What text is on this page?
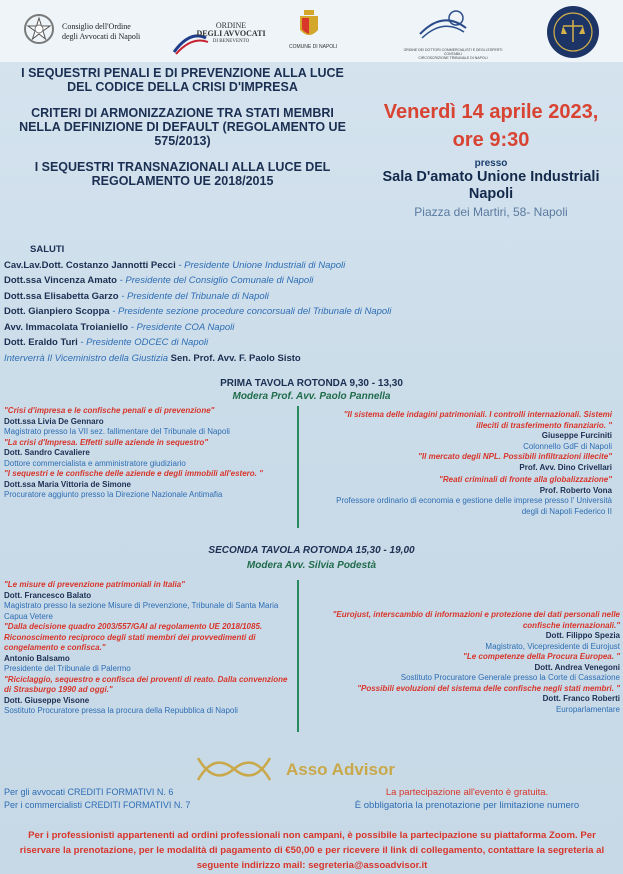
Consiglio dell'Ordine
degli Avvocati di Napoli
ORDINE
DEGLI AVVOCATI
DI BENEVENTO
COMUNE DI NAPOLI	ORDINE DEI DOTTORI COMMERCIALISTI E DEGLI ESPERTI CONTABILI
CIRCOSCRIZIONE TRIBUNALE DI NAPOLI

I SEQUESTRI PENALI E DI PREVENZIONE ALLA LUCE DEL CODICE DELLA CRISI D'IMPRESA

CRITERI DI ARMONIZZAZIONE TRA STATI MEMBRI NELLA DEFINIZIONE DI DEFAULT (REGOLAMENTO UE 575/2013)

I SEQUESTRI TRANSNAZIONALI ALLA LUCE DEL REGOLAMENTO UE 2018/2015

Venerdì 14 aprile 2023,
ore 9:30
presso
Sala D'amato Unione Industriali
Napoli
Piazza dei Martiri, 58- Napoli
SALUTI
Cav.Lav.Dott. Costanzo Jannotti Pecci - Presidente Unione Industriali di Napoli
Dott.ssa Vincenza Amato - Presidente del Consiglio Comunale di Napoli
Dott.ssa Elisabetta Garzo - Presidente del Tribunale di Napoli
Dott. Gianpiero Scoppa - Presidente sezione procedure concorsuali del Tribunale di Napoli
Avv. Immacolata Troianiello - Presidente COA Napoli
Dott. Eraldo Turi - Presidente ODCEC di Napoli
Interverrà Il Viceministro della Giustizia Sen. Prof. Avv. F. Paolo Sisto
PRIMA TAVOLA ROTONDA 9,30 - 13,30
Modera Prof. Avv. Paolo Pannella
"Crisi d'impresa e le confische penali e di prevenzione"
Dott.ssa Livia De Gennaro
Magistrato presso la VII sez. fallimentare del Tribunale di Napoli
"La crisi d'Impresa. Effetti sulle aziende in sequestro"
Dott. Sandro Cavaliere
Dottore commercialista e amministratore giudiziario
"I sequestri e le confische delle aziende e degli immobili all'estero. "
Dott.ssa Maria Vittoria de Simone
Procuratore aggiunto presso la Direzione Nazionale Antimafia
"Il sistema delle indagini patrimoniali. I controlli internazionali. Sistemi illeciti di trasferimento finanziario. "
Giuseppe Furciniti
Colonnello GdF di Napoli
"Il mercato degli NPL. Possibili infiltrazioni illecite"
Prof. Avv. Dino Crivellari
"Reati criminali di fronte alla globalizzazione"
Prof. Roberto Vona
Professore ordinario di economia e gestione delle imprese presso l' Università degli di Napoli Federico II
SECONDA TAVOLA ROTONDA 15,30 - 19,00
Modera Avv. Silvia Podestà
"Le misure di prevenzione patrimoniali in Italia"
Dott. Francesco Balato
Magistrato presso la sezione Misure di Prevenzione, Tribunale di Santa Maria Capua Vetere
"Dalla decisione quadro 2003/557/GAI al regolamento UE 2018/1085. Riconoscimento reciproco degli stati membri dei provvedimenti di congelamento e confisca."
Antonio Balsamo
Presidente del Tribunale di Palermo
"Riciclaggio, sequestro e confisca dei proventi di reato. Dalla convenzione di Strasburgo 1990 ad oggi."
Dott. Giuseppe Visone
Sostituto Procuratore pressa la procura della Repubblica di Napoli
"Eurojust, interscambio di informazioni e protezione dei dati personali nelle confische internazionali."
Dott. Filippo Spezia
Magistrato, Vicepresidente di Eurojust
"Le competenze della Procura Europea. "
Dott. Andrea Venegoni
Sostituto Procuratore Generale presso la Corte di Cassazione
"Possibili evoluzioni del sistema delle confische negli stati membri. "
Dott. Franco Roberti
Europarlamentare
Asso Advisor
Per gli avvocati CREDITI FORMATIVI N. 6
Per i commercialisti CREDITI FORMATIVI N. 7
La partecipazione all'evento è gratuita.
È obbligatoria la prenotazione per limitazione numero
Per i professionisti appartenenti ad ordini professionali non campani, è possibile la partecipazione su piattaforma Zoom. Per riservare la prenotazione, per le modalità di pagamento di €50,00 e per ricevere il link di collegamento, contattare la segreteria al seguente indirizzo mail: segreteria@assoadvisor.it
